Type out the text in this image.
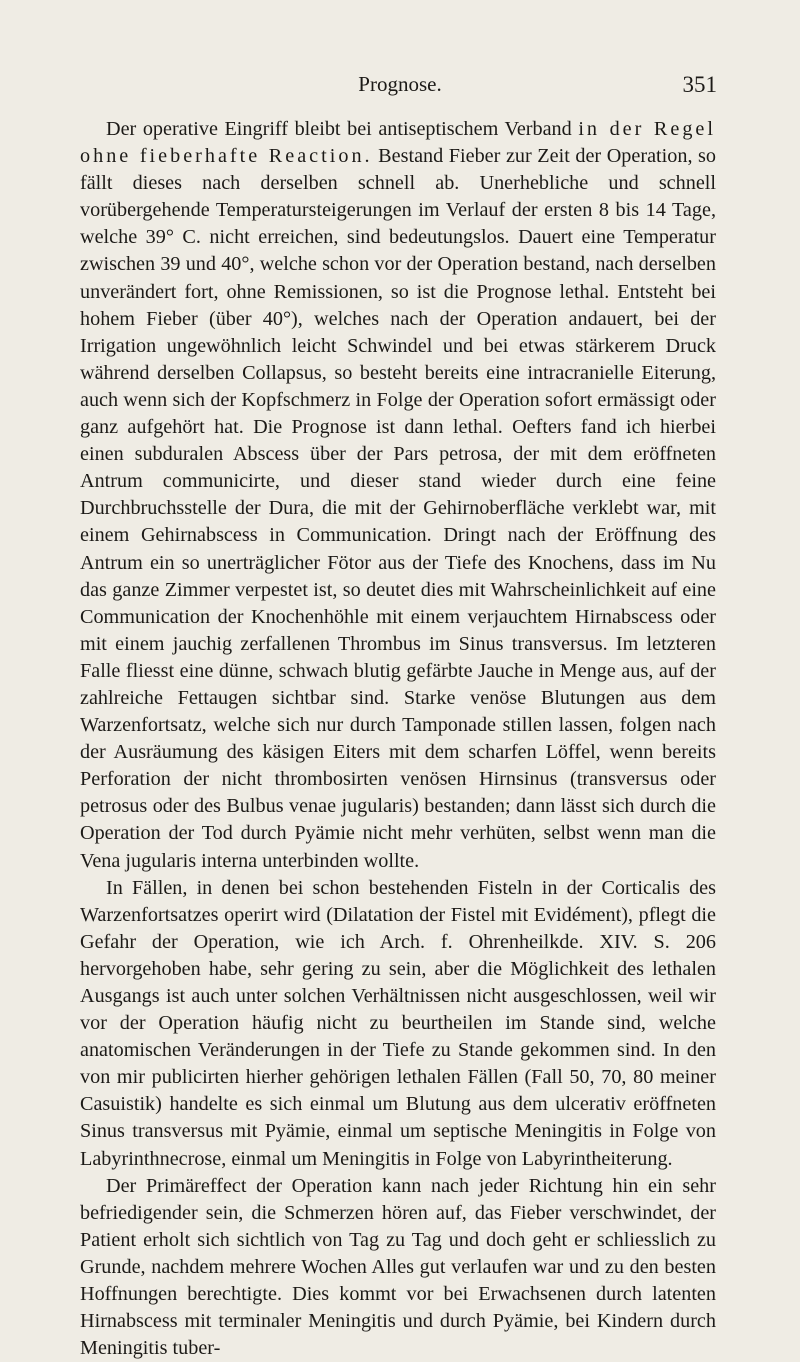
Prognose.	351

Der operative Eingriff bleibt bei antiseptischem Verband in der Regel ohne fieberhafte Reaction. Bestand Fieber zur Zeit der Operation, so fällt dieses nach derselben schnell ab. Unerhebliche und schnell vorübergehende Temperatursteigerungen im Verlauf der ersten 8 bis 14 Tage, welche 39° C. nicht erreichen, sind bedeutungslos. Dauert eine Temperatur zwischen 39 und 40°, welche schon vor der Operation bestand, nach derselben unverändert fort, ohne Remissionen, so ist die Prognose lethal. Entsteht bei hohem Fieber (über 40°), welches nach der Operation andauert, bei der Irrigation ungewöhnlich leicht Schwindel und bei etwas stärkerem Druck während derselben Collapsus, so besteht bereits eine intracranielle Eiterung, auch wenn sich der Kopfschmerz in Folge der Operation sofort ermässigt oder ganz aufgehört hat. Die Prognose ist dann lethal. Oefters fand ich hierbei einen subduralen Abscess über der Pars petrosa, der mit dem eröffneten Antrum communicirte, und dieser stand wieder durch eine feine Durchbruchsstelle der Dura, die mit der Gehirnoberfläche verklebt war, mit einem Gehirnabscess in Communication. Dringt nach der Eröffnung des Antrum ein so unerträglicher Fötor aus der Tiefe des Knochens, dass im Nu das ganze Zimmer verpestet ist, so deutet dies mit Wahrscheinlichkeit auf eine Communication der Knochenhöhle mit einem verjauchtem Hirnabscess oder mit einem jauchig zerfallenen Thrombus im Sinus transversus. Im letzteren Falle fliesst eine dünne, schwach blutig gefärbte Jauche in Menge aus, auf der zahlreiche Fettaugen sichtbar sind. Starke venöse Blutungen aus dem Warzenfortsatz, welche sich nur durch Tamponade stillen lassen, folgen nach der Ausräumung des käsigen Eiters mit dem scharfen Löffel, wenn bereits Perforation der nicht thrombosirten venösen Hirnsinus (transversus oder petrosus oder des Bulbus venae jugularis) bestanden; dann lässt sich durch die Operation der Tod durch Pyämie nicht mehr verhüten, selbst wenn man die Vena jugularis interna unterbinden wollte.

In Fällen, in denen bei schon bestehenden Fisteln in der Corticalis des Warzenfortsatzes operirt wird (Dilatation der Fistel mit Evidément), pflegt die Gefahr der Operation, wie ich Arch. f. Ohrenheilkde. XIV. S. 206 hervorgehoben habe, sehr gering zu sein, aber die Möglichkeit des lethalen Ausgangs ist auch unter solchen Verhältnissen nicht ausgeschlossen, weil wir vor der Operation häufig nicht zu beurtheilen im Stande sind, welche anatomischen Veränderungen in der Tiefe zu Stande gekommen sind. In den von mir publicirten hierher gehörigen lethalen Fällen (Fall 50, 70, 80 meiner Casuistik) handelte es sich einmal um Blutung aus dem ulcerativ eröffneten Sinus transversus mit Pyämie, einmal um septische Meningitis in Folge von Labyrinthnecrose, einmal um Meningitis in Folge von Labyrintheiterung.

Der Primäreffect der Operation kann nach jeder Richtung hin ein sehr befriedigender sein, die Schmerzen hören auf, das Fieber verschwindet, der Patient erholt sich sichtlich von Tag zu Tag und doch geht er schliesslich zu Grunde, nachdem mehrere Wochen Alles gut verlaufen war und zu den besten Hoffnungen berechtigte. Dies kommt vor bei Erwachsenen durch latenten Hirnabscess mit terminaler Meningitis und durch Pyämie, bei Kindern durch Meningitis tuber-
